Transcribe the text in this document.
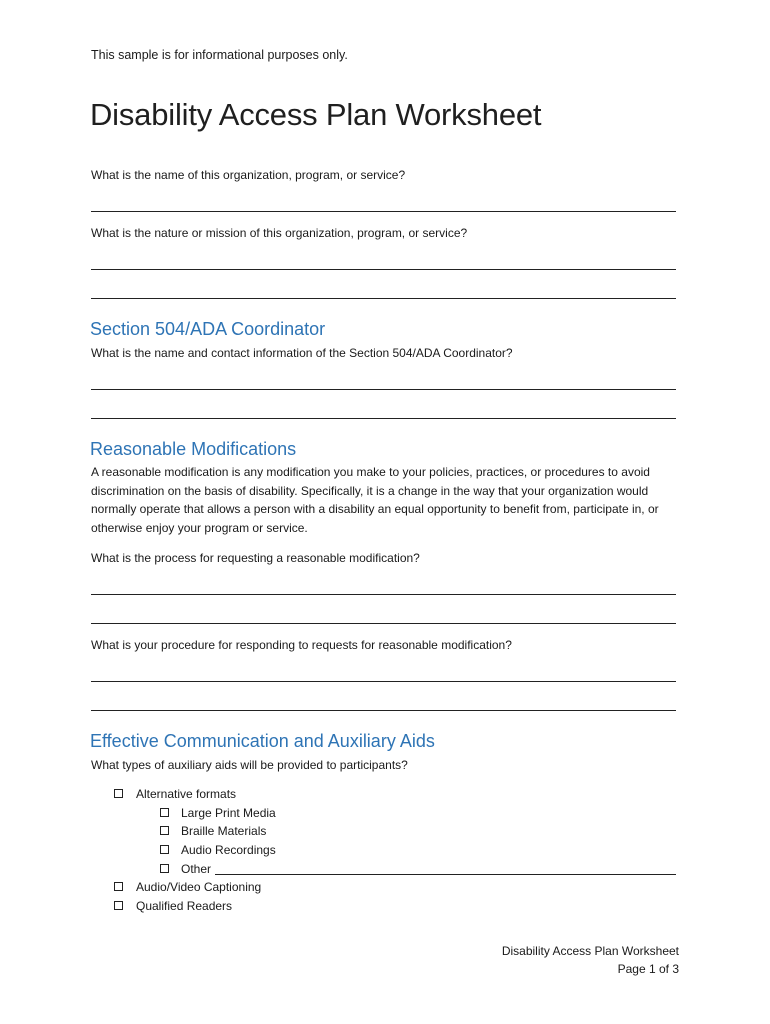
This sample is for informational purposes only.
Disability Access Plan Worksheet
What is the name of this organization, program, or service?
What is the nature or mission of this organization, program, or service?
Section 504/ADA Coordinator
What is the name and contact information of the Section 504/ADA Coordinator?
Reasonable Modifications
A reasonable modification is any modification you make to your policies, practices, or procedures to avoid discrimination on the basis of disability. Specifically, it is a change in the way that your organization would normally operate that allows a person with a disability an equal opportunity to benefit from, participate in, or otherwise enjoy your program or service.
What is the process for requesting a reasonable modification?
What is your procedure for responding to requests for reasonable modification?
Effective Communication and Auxiliary Aids
What types of auxiliary aids will be provided to participants?
Alternative formats
Large Print Media
Braille Materials
Audio Recordings
Other
Audio/Video Captioning
Qualified Readers
Disability Access Plan Worksheet
Page 1 of 3
